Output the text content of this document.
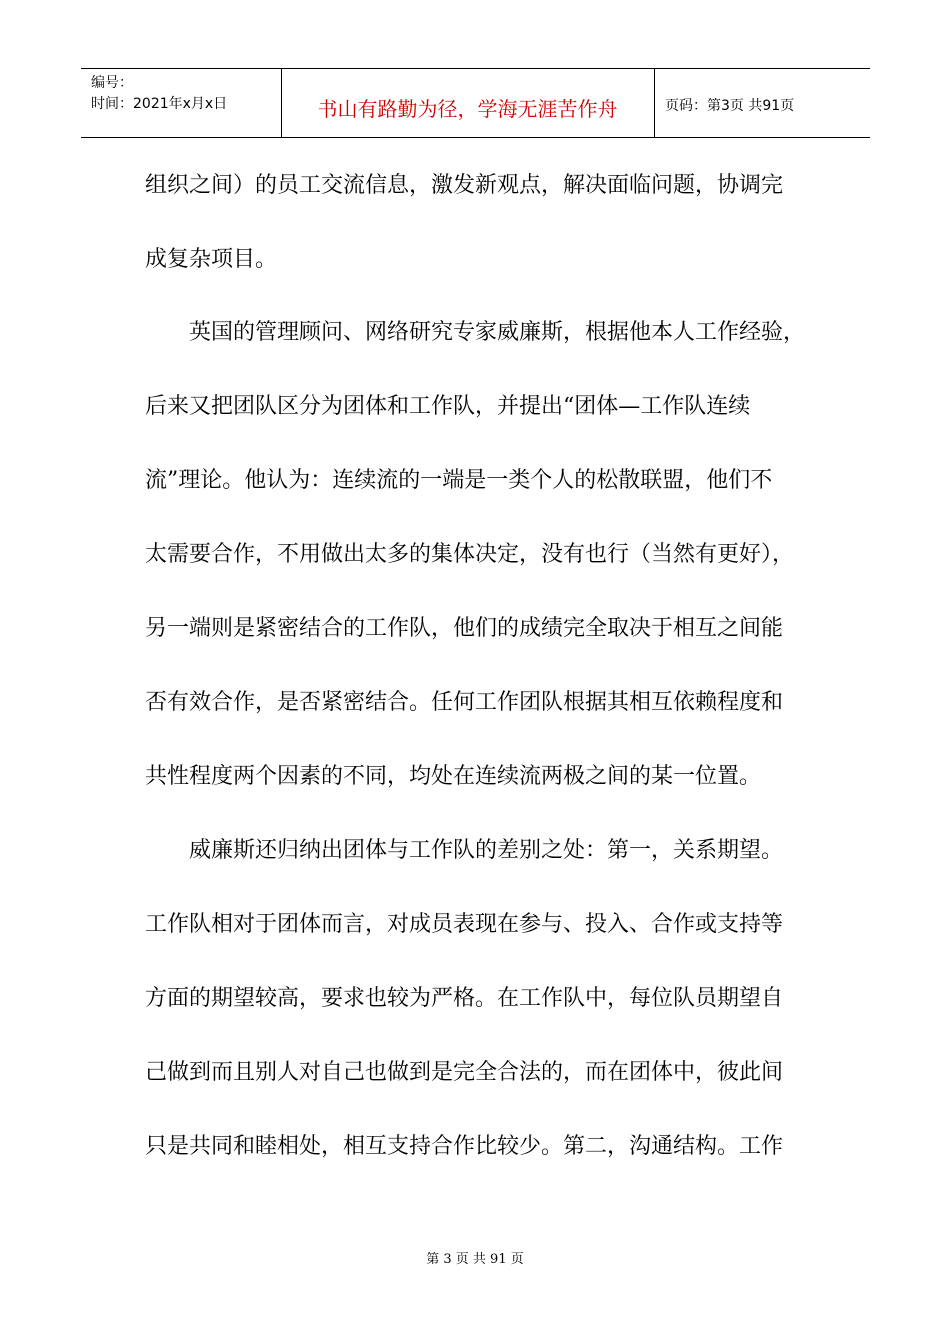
编号：
时间：2021年x月x日	书山有路勤为径，学海无涯苦作舟	页码：第3页 共91页
组织之间）的员工交流信息，激发新观点，解决面临问题，协调完
成复杂项目。
　　英国的管理顾问、网络研究专家威廉斯，根据他本人工作经验，
后来又把团队区分为团体和工作队，并提出“团体—工作队连续
流”理论。他认为：连续流的一端是一类个人的松散联盟，他们不
太需要合作，不用做出太多的集体决定，没有也行（当然有更好），
另一端则是紧密结合的工作队，他们的成绩完全取决于相互之间能
否有效合作，是否紧密结合。任何工作团队根据其相互依赖程度和
共性程度两个因素的不同，均处在连续流两极之间的某一位置。
　　威廉斯还归纳出团体与工作队的差别之处：第一，关系期望。
工作队相对于团体而言，对成员表现在参与、投入、合作或支持等
方面的期望较高，要求也较为严格。在工作队中，每位队员期望自
己做到而且别人对自己也做到是完全合法的，而在团体中，彼此间
只是共同和睦相处，相互支持合作比较少。第二，沟通结构。工作
第 3 页 共 91 页
